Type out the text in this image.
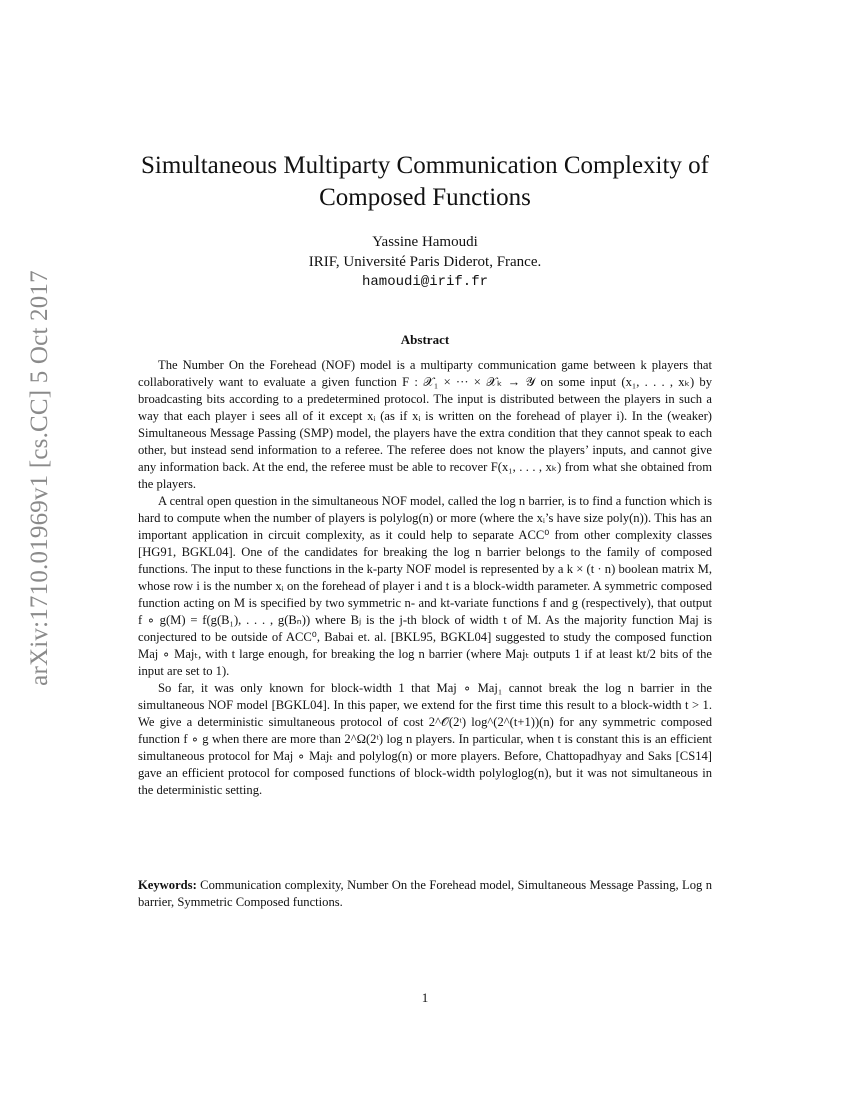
arXiv:1710.01969v1 [cs.CC] 5 Oct 2017
Simultaneous Multiparty Communication Complexity of
Composed Functions
Yassine Hamoudi
IRIF, Université Paris Diderot, France.
hamoudi@irif.fr
Abstract

The Number On the Forehead (NOF) model is a multiparty communication game between k players that collaboratively want to evaluate a given function F : 𝒳₁ × ··· × 𝒳ₖ → 𝒴 on some input (x₁, . . . , xₖ) by broadcasting bits according to a predetermined protocol. The input is distributed between the players in such a way that each player i sees all of it except xᵢ (as if xᵢ is written on the forehead of player i). In the (weaker) Simultaneous Message Passing (SMP) model, the players have the extra condition that they cannot speak to each other, but instead send information to a referee. The referee does not know the players’ inputs, and cannot give any information back. At the end, the referee must be able to recover F(x₁, . . . , xₖ) from what she obtained from the players.

A central open question in the simultaneous NOF model, called the log n barrier, is to find a function which is hard to compute when the number of players is polylog(n) or more (where the xᵢ’s have size poly(n)). This has an important application in circuit complexity, as it could help to separate ACC⁰ from other complexity classes [HG91, BGKL04]. One of the candidates for breaking the log n barrier belongs to the family of composed functions. The input to these functions in the k-party NOF model is represented by a k × (t · n) boolean matrix M, whose row i is the number xᵢ on the forehead of player i and t is a block-width parameter. A symmetric composed function acting on M is specified by two symmetric n- and kt-variate functions f and g (respectively), that output f ∘ g(M) = f(g(B₁), . . . , g(Bₙ)) where Bⱼ is the j-th block of width t of M. As the majority function Maj is conjectured to be outside of ACC⁰, Babai et. al. [BKL95, BGKL04] suggested to study the composed function Maj ∘ Majₜ, with t large enough, for breaking the log n barrier (where Majₜ outputs 1 if at least kt/2 bits of the input are set to 1).

So far, it was only known for block-width 1 that Maj ∘ Maj₁ cannot break the log n barrier in the simultaneous NOF model [BGKL04]. In this paper, we extend for the first time this result to a block-width t > 1. We give a deterministic simultaneous protocol of cost 2^𝒪(2ᵗ) log^(2^(t+1))(n) for any symmetric composed function f ∘ g when there are more than 2^Ω(2ᵗ) log n players. In particular, when t is constant this is an efficient simultaneous protocol for Maj ∘ Majₜ and polylog(n) or more players. Before, Chattopadhyay and Saks [CS14] gave an efficient protocol for composed functions of block-width polyloglog(n), but it was not simultaneous in the deterministic setting.

Keywords: Communication complexity, Number On the Forehead model, Simultaneous Message Passing, Log n barrier, Symmetric Composed functions.
1
